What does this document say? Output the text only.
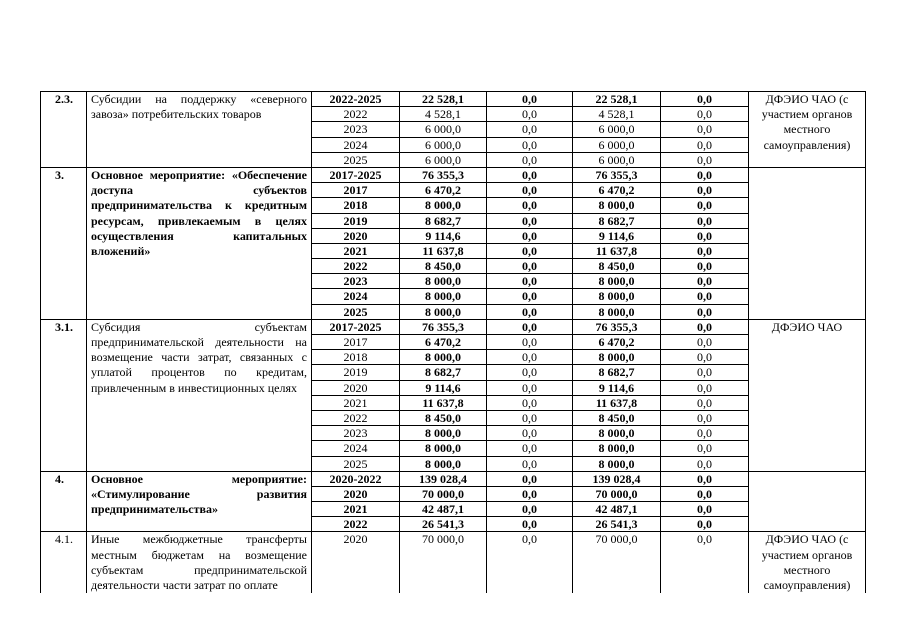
2.3.	Субсидии на поддержку «северного завоза» потребительских товаров	2022-2025	22 528,1	0,0	22 528,1	0,0	ДФЭИО ЧАО (с участием органов местного самоуправления)
		2022	4 528,1	0,0	4 528,1	0,0	
		2023	6 000,0	0,0	6 000,0	0,0	
		2024	6 000,0	0,0	6 000,0	0,0	
		2025	6 000,0	0,0	6 000,0	0,0	
3.	Основное мероприятие: «Обеспечение доступа субъектов предпринимательства к кредитным ресурсам, привлекаемым в целях осуществления капитальных вложений»	2017-2025	76 355,3	0,0	76 355,3	0,0	
		2017	6 470,2	0,0	6 470,2	0,0	
		2018	8 000,0	0,0	8 000,0	0,0	
		2019	8 682,7	0,0	8 682,7	0,0	
		2020	9 114,6	0,0	9 114,6	0,0	
		2021	11 637,8	0,0	11 637,8	0,0	
		2022	8 450,0	0,0	8 450,0	0,0	
		2023	8 000,0	0,0	8 000,0	0,0	
		2024	8 000,0	0,0	8 000,0	0,0	
		2025	8 000,0	0,0	8 000,0	0,0	
3.1.	Субсидия субъектам предпринимательской деятельности на возмещение части затрат, связанных с уплатой процентов по кредитам, привлеченным в инвестиционных целях	2017-2025	76 355,3	0,0	76 355,3	0,0	ДФЭИО ЧАО
		2017	6 470,2	0,0	6 470,2	0,0	
		2018	8 000,0	0,0	8 000,0	0,0	
		2019	8 682,7	0,0	8 682,7	0,0	
		2020	9 114,6	0,0	9 114,6	0,0	
		2021	11 637,8	0,0	11 637,8	0,0	
		2022	8 450,0	0,0	8 450,0	0,0	
		2023	8 000,0	0,0	8 000,0	0,0	
		2024	8 000,0	0,0	8 000,0	0,0	
		2025	8 000,0	0,0	8 000,0	0,0	
4.	Основное мероприятие: «Стимулирование развития предпринимательства»	2020-2022	139 028,4	0,0	139 028,4	0,0	
		2020	70 000,0	0,0	70 000,0	0,0	
		2021	42 487,1	0,0	42 487,1	0,0	
		2022	26 541,3	0,0	26 541,3	0,0	
4.1.	Иные межбюджетные трансферты местным бюджетам на возмещение субъектам предпринимательской деятельности части затрат по оплате	2020	70 000,0	0,0	70 000,0	0,0	ДФЭИО ЧАО (с участием органов местного самоуправления)
